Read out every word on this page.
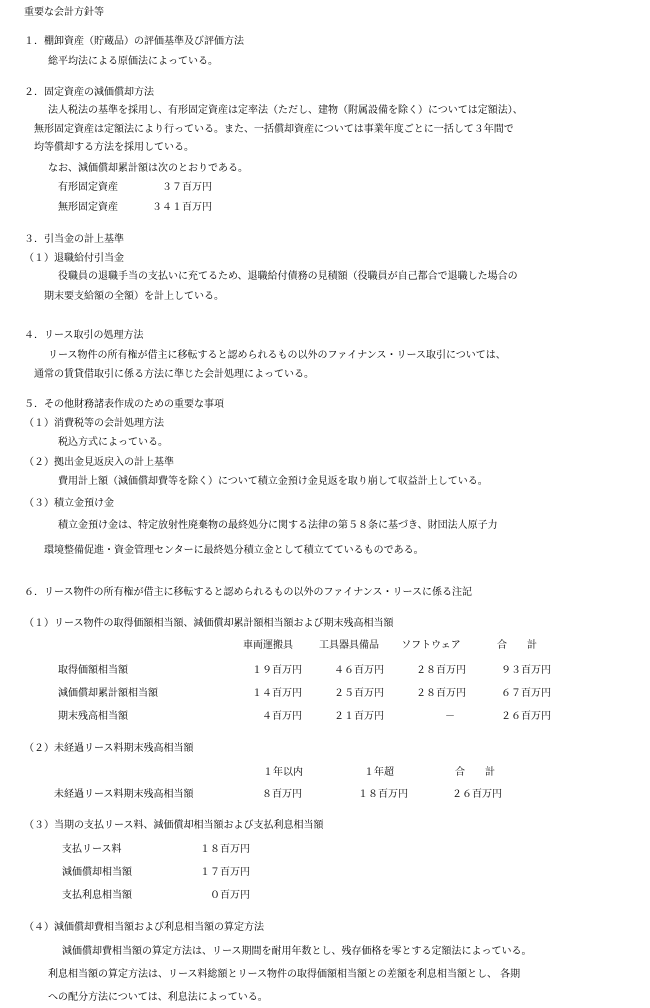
重要な会計方針等
１．棚卸資産（貯蔵品）の評価基準及び評価方法
総平均法による原価法によっている。
２．固定資産の減価償却方法
法人税法の基準を採用し、有形固定資産は定率法（ただし、建物（附属設備を除く）については定額法）、
無形固定資産は定額法により行っている。また、一括償却資産については事業年度ごとに一括して３年間で
均等償却する方法を採用している。
なお、減価償却累計額は次のとおりである。
有形固定資産	３７百万円
無形固定資産	３４１百万円
３．引当金の計上基準
（１）退職給付引当金
役職員の退職手当の支払いに充てるため、退職給付債務の見積額（役職員が自己都合で退職した場合の
期末要支給額の全額）を計上している。
４．リース取引の処理方法
リース物件の所有権が借主に移転すると認められるもの以外のファイナンス・リース取引については、
通常の賃貸借取引に係る方法に準じた会計処理によっている。
５．その他財務諸表作成のための重要な事項
（１）消費税等の会計処理方法
税込方式によっている。
（２）拠出金見返戻入の計上基準
費用計上額（減価償却費等を除く）について積立金預け金見返を取り崩して収益計上している。
（３）積立金預け金
積立金預け金は、特定放射性廃棄物の最終処分に関する法律の第５８条に基づき、財団法人原子力
環境整備促進・資金管理センターに最終処分積立金として積立てているものである。
６．リース物件の所有権が借主に移転すると認められるもの以外のファイナンス・リースに係る注記
（１）リース物件の取得価額相当額、減価償却累計額相当額および期末残高相当額
車両運搬具	工具器具備品	ソフトウェア	合　　計
取得価額相当額	１９百万円	４６百万円	２８百万円	９３百万円
減価償却累計額相当額	１４百万円	２５百万円	２８百万円	６７百万円
期末残高相当額	４百万円	２１百万円	－	２６百万円
（２）未経過リース料期末残高相当額
１年以内	１年超	合　　計
未経過リース料期末残高相当額	８百万円	１８百万円	２６百万円
（３）当期の支払リース料、減価償却相当額および支払利息相当額
支払リース料	１８百万円
減価償却相当額	１７百万円
支払利息相当額	０百万円
（４）減価償却費相当額および利息相当額の算定方法
減価償却費相当額の算定方法は、リース期間を耐用年数とし、残存価格を零とする定額法によっている。
利息相当額の算定方法は、リース料総額とリース物件の取得価額相当額との差額を利息相当額とし、 各期
への配分方法については、利息法によっている。
